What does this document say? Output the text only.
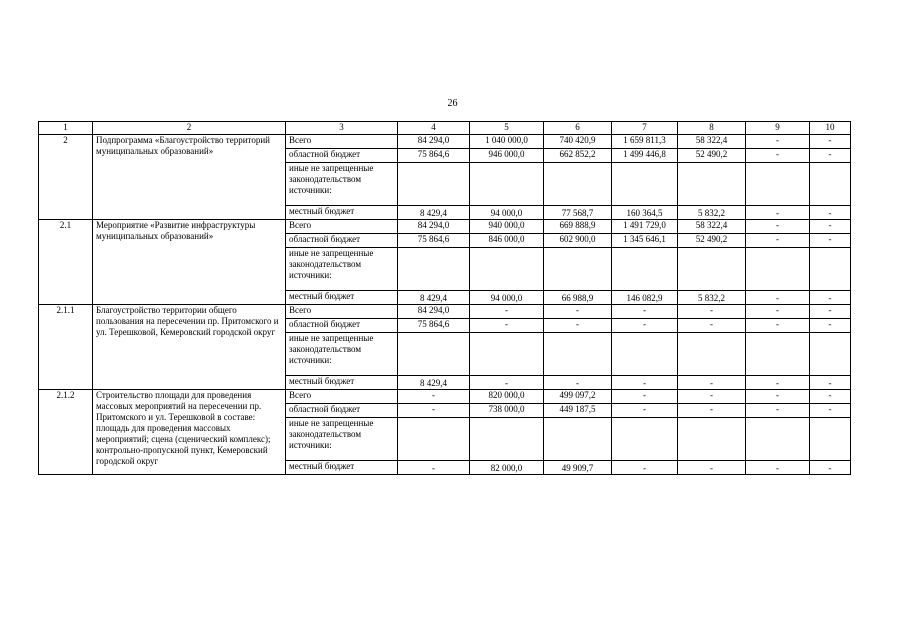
26
1	2	3	4	5	6	7	8	9	10
2	Подпрограмма «Благоустройство территорий муниципальных образований»	Всего	84 294,0	1 040 000,0	740 420,9	1 659 811,3	58 322,4	-	-
		областной бюджет	75 864,6	946 000,0	662 852,2	1 499 446,8	52 490,2	-	-
		иные не запрещенные законодательством источники:							
		местный бюджет	8 429,4	94 000,0	77 568,7	160 364,5	5 832,2	-	-
2.1	Мероприятие «Развитие инфраструктуры муниципальных образований»	Всего	84 294,0	940 000,0	669 888,9	1 491 729,0	58 322,4	-	-
		областной бюджет	75 864,6	846 000,0	602 900,0	1 345 646,1	52 490,2	-	-
		иные не запрещенные законодательством источники:							
		местный бюджет	8 429,4	94 000,0	66 988,9	146 082,9	5 832,2	-	-
2.1.1	Благоустройство территории общего пользования на пересечении пр. Притомского и ул. Терешковой, Кемеровский городской округ	Всего	84 294,0	-	-	-	-	-	-
		областной бюджет	75 864,6	-	-	-	-	-	-
		иные не запрещенные законодательством источники:							
		местный бюджет	8 429,4	-	-	-	-	-	-
2.1.2	Строительство площади для проведения массовых мероприятий на пересечении пр. Притомского и ул. Терешковой в составе: площадь для проведения массовых мероприятий; сцена (сценический комплекс); контрольно-пропускной пункт, Кемеровский городской округ	Всего	-	820 000,0	499 097,2	-	-	-	-
		областной бюджет	-	738 000,0	449 187,5	-	-	-	-
		иные не запрещенные законодательством источники:							
		местный бюджет	-	82 000,0	49 909,7	-	-	-	-
